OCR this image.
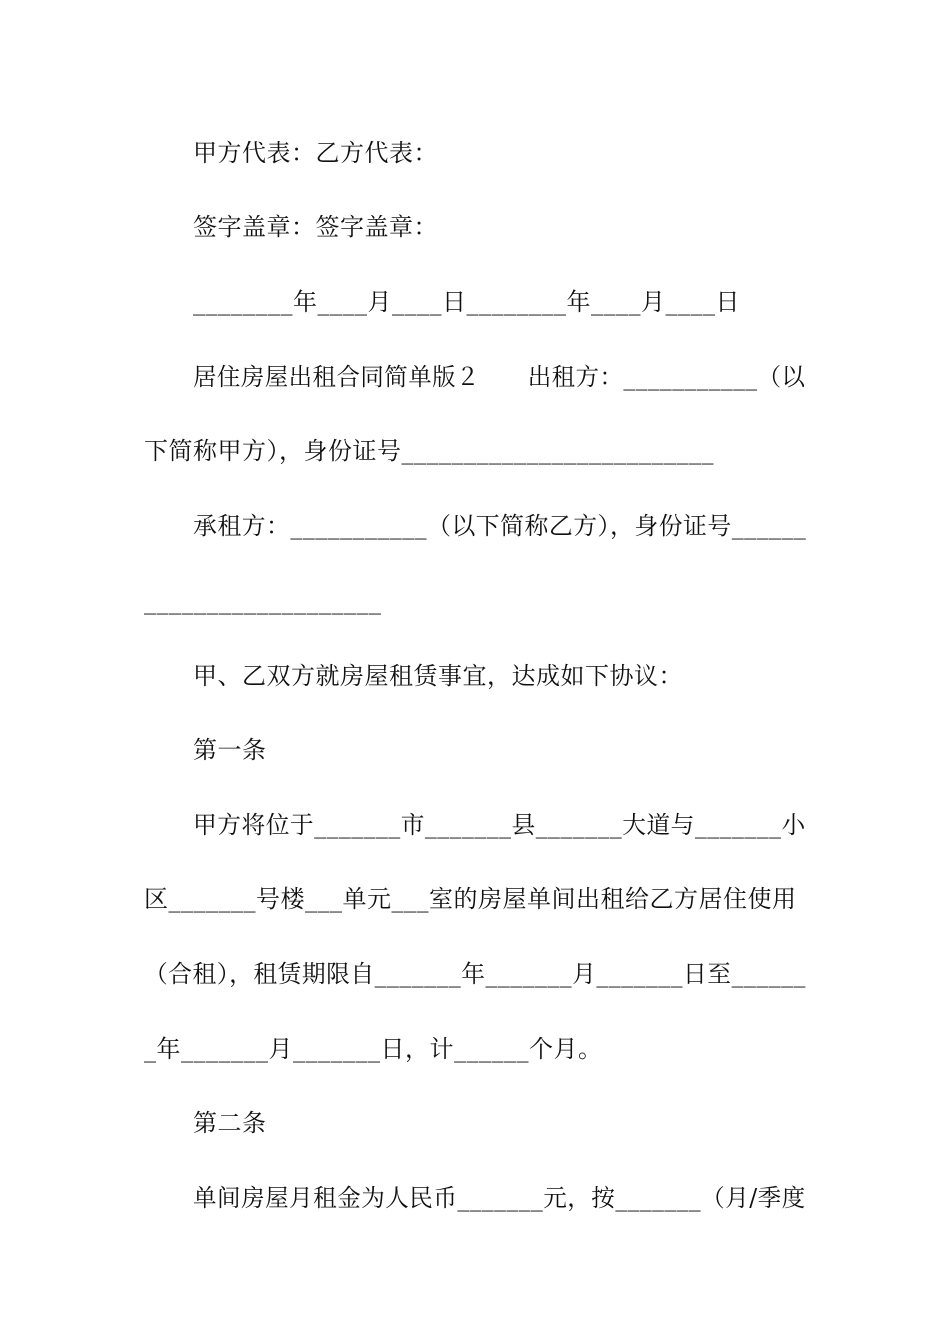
甲方代表：乙方代表：
签字盖章：签字盖章：
________年____月____日________年____月____日
居住房屋出租合同简单版２　　出租方：___________（以
下简称甲方），身份证号_________________________
承租方：___________（以下简称乙方），身份证号______
___________________
甲、乙双方就房屋租赁事宜，达成如下协议：
第一条
甲方将位于_______市_______县_______大道与_______小
区_______号楼___单元___室的房屋单间出租给乙方居住使用
（合租），租赁期限自_______年_______月_______日至______
_年_______月_______日，计______个月。
第二条
单间房屋月租金为人民币_______元，按_______（月/季度
